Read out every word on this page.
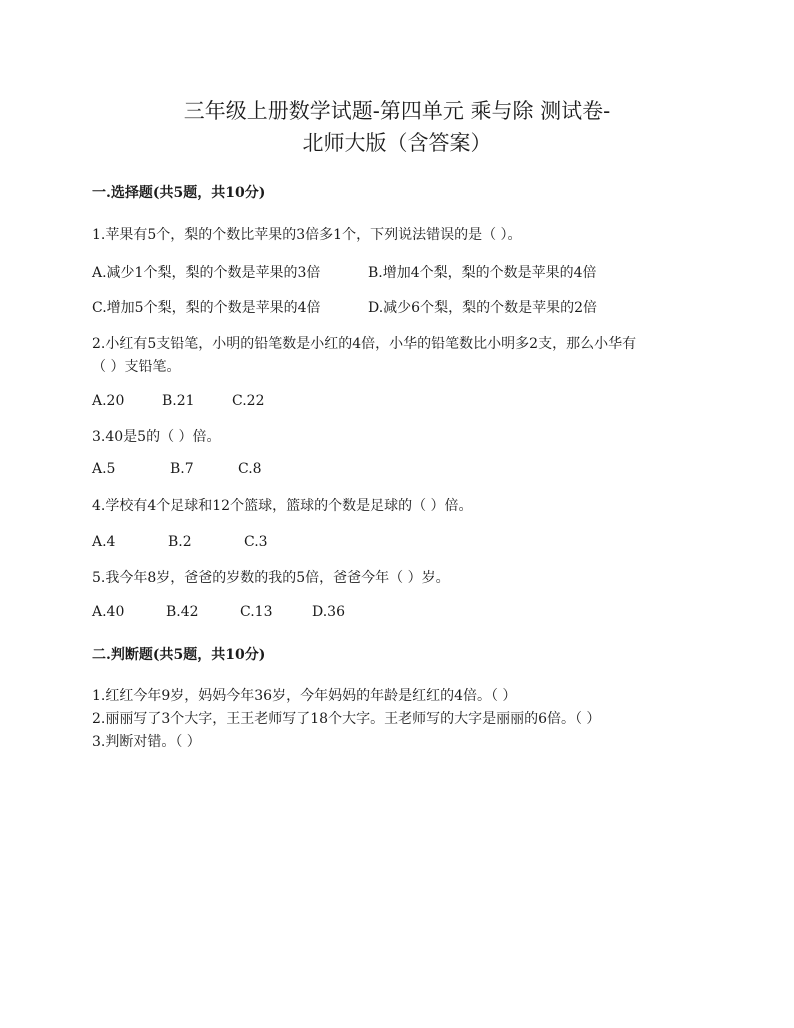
三年级上册数学试题-第四单元 乘与除 测试卷-
北师大版（含答案）
一.选择题(共5题，共10分)
1.苹果有5个，梨的个数比苹果的3倍多1个，下列说法错误的是（ ）。
A.减少1个梨，梨的个数是苹果的3倍	B.增加4个梨，梨的个数是苹果的4倍
C.增加5个梨，梨的个数是苹果的4倍	D.减少6个梨，梨的个数是苹果的2倍
2.小红有5支铅笔，小明的铅笔数是小红的4倍，小华的铅笔数比小明多2支，那么小华有
（ ）支铅笔。
A.20	B.21	C.22
3.40是5的（ ）倍。
A.5	B.7	C.8
4.学校有4个足球和12个篮球，篮球的个数是足球的（ ）倍。
A.4	B.2	C.3
5.我今年8岁，爸爸的岁数的我的5倍，爸爸今年（ ）岁。
A.40	B.42	C.13	D.36
二.判断题(共5题，共10分)
1.红红今年9岁，妈妈今年36岁，今年妈妈的年龄是红红的4倍。（ ）
2.丽丽写了3个大字，王王老师写了18个大字。王老师写的大字是丽丽的6倍。（ ）
3.判断对错。（ ）
